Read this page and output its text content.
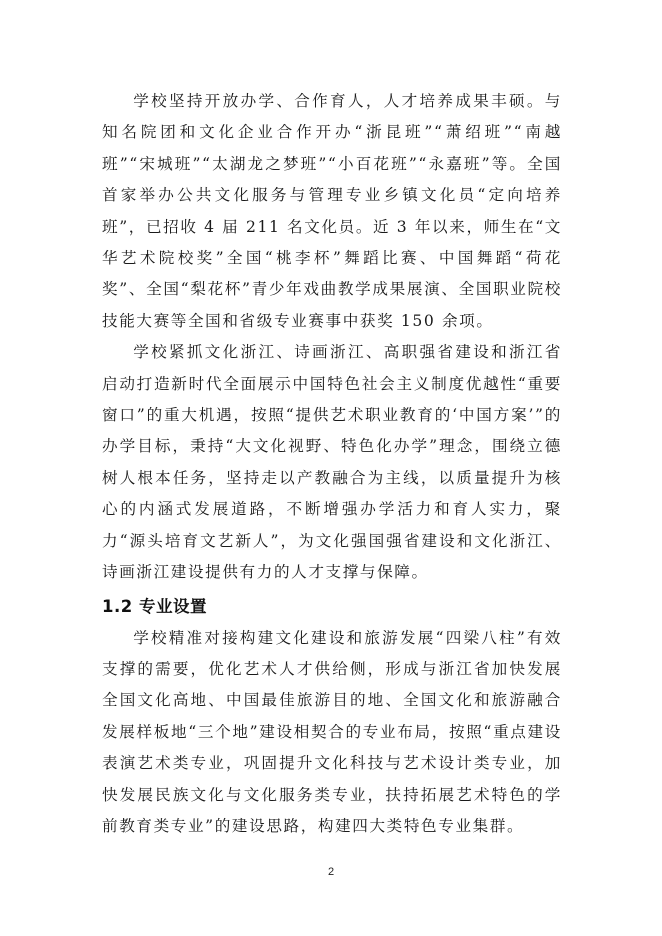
学校坚持开放办学、合作育人，人才培养成果丰硕。与知名院团和文化企业合作开办“浙昆班”“萧绍班”“南越班”“宋城班”“太湖龙之梦班”“小百花班”“永嘉班”等。全国首家举办公共文化服务与管理专业乡镇文化员“定向培养班”，已招收 4 届 211 名文化员。近 3 年以来，师生在“文华艺术院校奖”全国“桃李杯”舞蹈比赛、中国舞蹈“荷花奖”、全国“梨花杯”青少年戏曲教学成果展演、全国职业院校技能大赛等全国和省级专业赛事中获奖 150 余项。

学校紧抓文化浙江、诗画浙江、高职强省建设和浙江省启动打造新时代全面展示中国特色社会主义制度优越性“重要窗口”的重大机遇，按照“提供艺术职业教育的‘中国方案’”的办学目标，秉持“大文化视野、特色化办学”理念，围绕立德树人根本任务，坚持走以产教融合为主线，以质量提升为核心的内涵式发展道路，不断增强办学活力和育人实力，聚力“源头培育文艺新人”，为文化强国强省建设和文化浙江、诗画浙江建设提供有力的人才支撑与保障。

1.2 专业设置

学校精准对接构建文化建设和旅游发展“四梁八柱”有效支撑的需要，优化艺术人才供给侧，形成与浙江省加快发展全国文化高地、中国最佳旅游目的地、全国文化和旅游融合发展样板地“三个地”建设相契合的专业布局，按照“重点建设表演艺术类专业，巩固提升文化科技与艺术设计类专业，加快发展民族文化与文化服务类专业，扶持拓展艺术特色的学前教育类专业”的建设思路，构建四大类特色专业集群。

2
